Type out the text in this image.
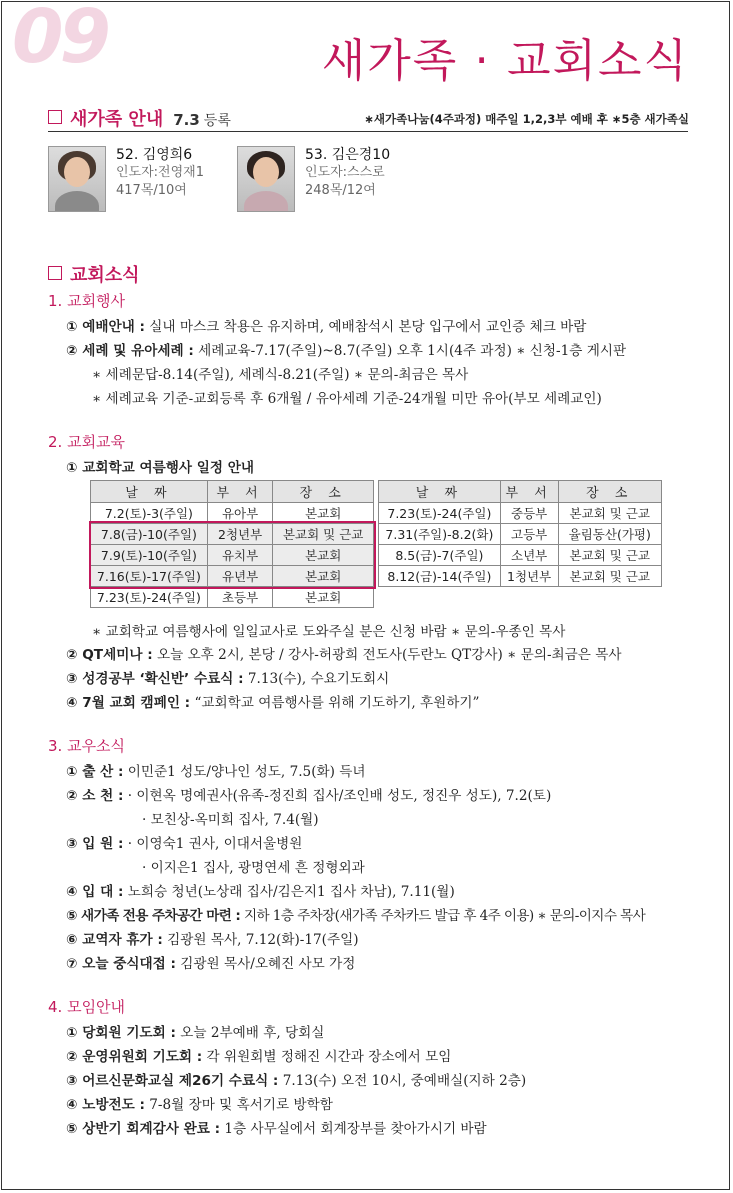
09	새가족 · 교회소식
새가족 안내 7.3 등록	∗새가족나눔(4주과정) 매주일 1,2,3부 예배 후 ∗5층 새가족실
52. 김영희6
인도자:전영재1
417목/10여
53. 김은경10
인도자:스스로
248목/12여
교회소식
1. 교회행사
① 예배안내 : 실내 마스크 착용은 유지하며, 예배참석시 본당 입구에서 교인증 체크 바람
② 세례 및 유아세례 : 세례교육-7.17(주일)~8.7(주일) 오후 1시(4주 과정) ∗ 신청-1층 게시판
∗ 세례문답-8.14(주일), 세례식-8.21(주일) ∗ 문의-최금은 목사
∗ 세례교육 기준-교회등록 후 6개월 / 유아세례 기준-24개월 미만 유아(부모 세례교인)
2. 교회교육
① 교회학교 여름행사 일정 안내
날 짜	부 서	장 소
7.2(토)-3(주일)	유아부	본교회
7.8(금)-10(주일)	2청년부	본교회 및 근교
7.9(토)-10(주일)	유치부	본교회
7.16(토)-17(주일)	유년부	본교회
7.23(토)-24(주일)	초등부	본교회
날 짜	부 서	장 소
7.23(토)-24(주일)	중등부	본교회 및 근교
7.31(주일)-8.2(화)	고등부	율림동산(가평)
8.5(금)-7(주일)	소년부	본교회 및 근교
8.12(금)-14(주일)	1청년부	본교회 및 근교
∗ 교회학교 여름행사에 일일교사로 도와주실 분은 신청 바람 ∗ 문의-우종인 목사
② QT세미나 : 오늘 오후 2시, 본당 / 강사-허광희 전도사(두란노 QT강사) ∗ 문의-최금은 목사
③ 성경공부 ‘확신반’ 수료식 : 7.13(수), 수요기도회시
④ 7월 교회 캠페인 : “교회학교 여름행사를 위해 기도하기, 후원하기”
3. 교우소식
① 출 산 : 이민준1 성도/양나인 성도, 7.5(화) 득녀
② 소 천 : · 이현옥 명예권사(유족-정진희 집사/조인배 성도, 정진우 성도), 7.2(토)
· 모친상-옥미희 집사, 7.4(월)
③ 입 원 : · 이영숙1 권사, 이대서울병원
· 이지은1 집사, 광명연세 흔 정형외과
④ 입 대 : 노희승 청년(노상래 집사/김은지1 집사 차남), 7.11(월)
⑤ 새가족 전용 주차공간 마련 : 지하 1층 주차장(새가족 주차카드 발급 후 4주 이용) ∗ 문의-이지수 목사
⑥ 교역자 휴가 : 김광원 목사, 7.12(화)-17(주일)
⑦ 오늘 중식대접 : 김광원 목사/오혜진 사모 가정
4. 모임안내
① 당회원 기도회 : 오늘 2부예배 후, 당회실
② 운영위원회 기도회 : 각 위원회별 정해진 시간과 장소에서 모임
③ 어르신문화교실 제26기 수료식 : 7.13(수) 오전 10시, 중예배실(지하 2층)
④ 노방전도 : 7-8월 장마 및 혹서기로 방학함
⑤ 상반기 회계감사 완료 : 1층 사무실에서 회계장부를 찾아가시기 바람
